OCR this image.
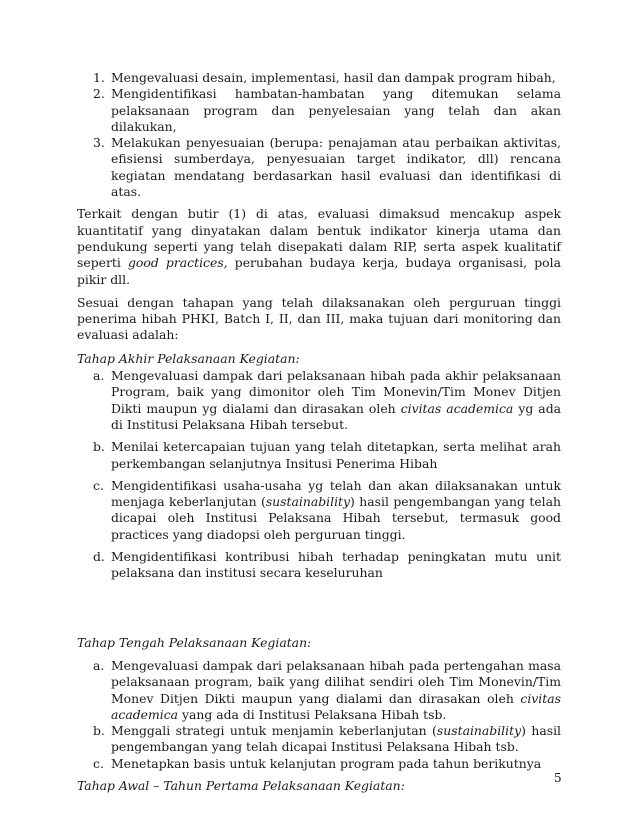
1. Mengevaluasi desain, implementasi, hasil dan dampak program hibah,
2. Mengidentifikasi hambatan-hambatan yang ditemukan selama pelaksanaan program dan penyelesaian yang telah dan akan dilakukan,
3. Melakukan penyesuaian (berupa: penajaman atau perbaikan aktivitas, efisiensi sumberdaya, penyesuaian target indikator, dll) rencana kegiatan mendatang berdasarkan hasil evaluasi dan identifikasi di atas.

Terkait dengan butir (1) di atas, evaluasi dimaksud mencakup aspek kuantitatif yang dinyatakan dalam bentuk indikator kinerja utama dan pendukung seperti yang telah disepakati dalam RIP, serta aspek kualitatif seperti good practices, perubahan budaya kerja, budaya organisasi, pola pikir dll.

Sesuai dengan tahapan yang telah dilaksanakan oleh perguruan tinggi penerima hibah PHKI, Batch I, II, dan III, maka tujuan dari monitoring dan evaluasi adalah:

Tahap Akhir Pelaksanaan Kegiatan:
a. Mengevaluasi dampak dari pelaksanaan hibah pada akhir pelaksanaan Program, baik yang dimonitor oleh Tim Monevin/Tim Monev Ditjen Dikti maupun yg dialami dan dirasakan oleh civitas academica yg ada di Institusi Pelaksana Hibah tersebut.
b. Menilai ketercapaian tujuan yang telah ditetapkan, serta melihat arah perkembangan selanjutnya Insitusi Penerima Hibah
c. Mengidentifikasi usaha-usaha yg telah dan akan dilaksanakan untuk menjaga keberlanjutan (sustainability) hasil pengembangan yang telah dicapai oleh Institusi Pelaksana Hibah tersebut, termasuk good practices yang diadopsi oleh perguruan tinggi.
d. Mengidentifikasi kontribusi hibah terhadap peningkatan mutu unit pelaksana dan institusi secara keseluruhan
Tahap Tengah Pelaksanaan Kegiatan:
a. Mengevaluasi dampak dari pelaksanaan hibah pada pertengahan masa pelaksanaan program, baik yang dilihat sendiri oleh Tim Monevin/Tim Monev Ditjen Dikti maupun yang dialami dan dirasakan oleh civitas academica yang ada di Institusi Pelaksana Hibah tsb.
b. Menggali strategi untuk menjamin keberlanjutan (sustainability) hasil pengembangan yang telah dicapai Institusi Pelaksana Hibah tsb.
c. Menetapkan basis untuk kelanjutan program pada tahun berikutnya
Tahap Awal – Tahun Pertama Pelaksanaan Kegiatan:	5
